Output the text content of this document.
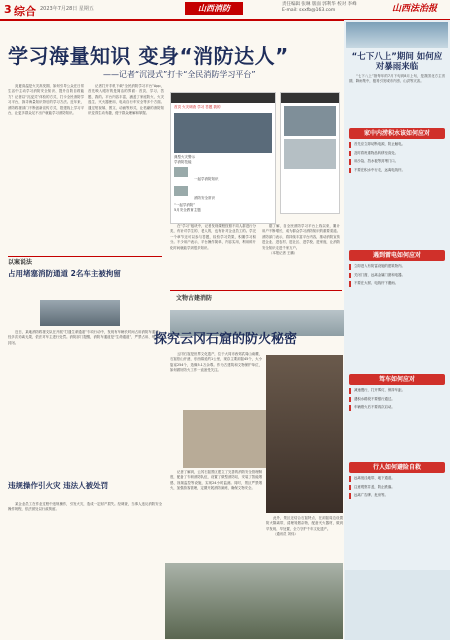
3 综合 2023年7月28日 星期五	山西消防	责任编辑 张琳 版面 郭利华 校对 李峰
E-mail: sxxfb@163.com	山西法治报
学习海量知识 变身“消防达人”
——记者“沉浸式”打卡“全民消防学习平台”

炎夏高温是火灾高发期，如何引导公众在日常生活中主动学习消防安全知识、提升自防自救能力？记者以“沉浸式”体验的方式，打卡全民消防学习平台，探寻海量知识背后的学习方法。近年来，消防救援部门不断创新宣传方式，搭建线上学习平台，让更多群众足不出户就能学习消防知识。

记者打开手机下载“全民消防学习平台”App，首先映入眼帘的是简洁的界面：首页、学习、答题、我的。平台内容丰富，涵盖了家庭防火、火灾逃生、灭火器使用、电动自行车安全等多个方面。通过短视频、图文、动画等形式，让枯燥的消防知识变得生动有趣，便于群众理解和掌握。

在“学习”板块中，记者发现课程按照不同人群进行分类，有针对学生的、老人的，也有针对企业员工的。学完一个章节还可以参与答题，检验学习效果，积累学习积分。不少用户表示，平台操作简单，内容实用，利用碎片化时间就能学到很多知识。

据了解，自全民消防学习平台上线以来，累计用户不断增长，成为群众学习消防知识的重要渠道。消防部门表示，将持续丰富平台内容，推动消防宣传进企业、进农村、进社区、进学校、进家庭，让消防安全知识走进千家万户。

（本报记者 王鹏）

首页 火灾调查 学习 答题 我的
典型火灾警示
学消防技能
一起学消防知识
消防安全常识
“一起学消防”
5月安全教育主题
以案说法
占用堵塞消防通道 2名车主被拘留

近日，某地消防救援支队在开展“打通生命通道”专项行动中，发现有车辆长时间占用消防车通道，经多次劝离无果，依法对车主进行处罚。消防部门提醒，消防车通道是“生命通道”，严禁占用、堵塞、封闭。

违规操作引火灾 违法人被处罚

某企业员工在作业过程中违规操作，引发火灾，造成一定财产损失。经调查，当事人违反消防安全操作规程，依法被处以行政拘留。

文物古建消防
探究云冈石窟的防火秘密

云冈石窟是世界文化遗产，位于大同市西郊武周山南麓，石窟依山开凿，东西绵延约1公里，现存主要洞窟45个，大小窟龛254个，造像5.1万余尊。作为古建筑和文物保护单位，如何做好防火工作一直备受关注。

记者了解到，云冈石窟景区建立了完善的消防安全管理制度，配备了专职消防队伍，设置了微型消防站，安装了智能烟感、视频监控等设施，实现24小时监测。同时，景区严禁烟火，加强游客管理，定期开展消防演练，确保文物安全。

此外，景区还结合石窟特点，在洞窟周边设置防火隔离带，清理易燃杂物，配备灭火器材，做到早发现、早处置，全力守护千年文化遗产。

（通讯员 刘伟）

“七下八上”期间 如何应对暴雨来临

“七下八上”指每年的7月下旬到8月上旬，是我国北方主汛期，降雨集中，极易引发城市内涝、山洪等灾害。

家中内涝积水该如何应对
首先应立即切断电源，防止触电。
及时将贵重物品转移至高处。
用沙袋、挡水板等封堵门口。
不要在积水中行走，远离电线杆。
遇到雷电如何应对
立即进入有防雷设施的建筑物内。
关闭门窗，远离金属门窗和电器。
不要在大树、电线杆下避雨。
驾车如何应对
减速慢行，打开雾灯，保持车距。
遇积水路段不要强行通过。
车辆熄火后不要再次启动。
行人如何避险自救
远离低洼地带、地下通道。
注意观察井盖，防止跌落。
远离广告牌、危房等。
